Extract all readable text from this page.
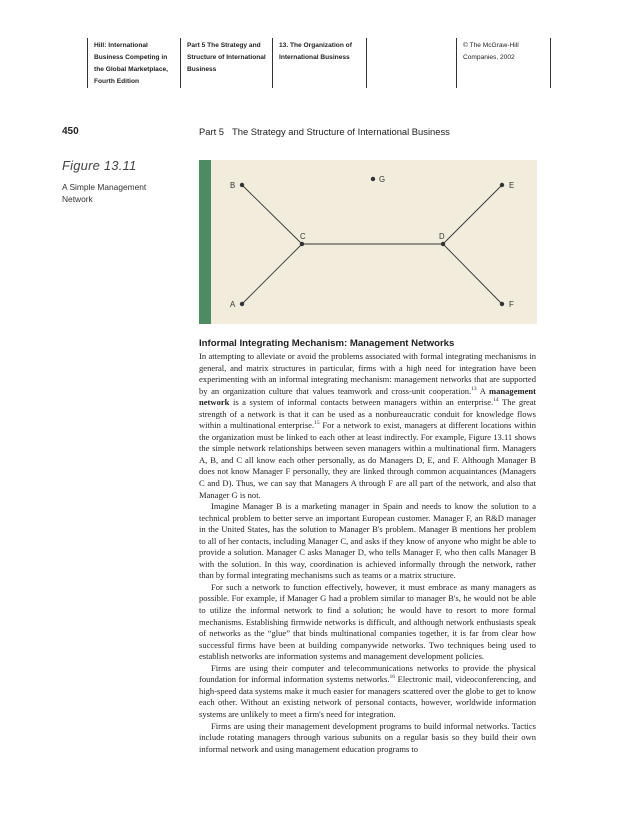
Hill: International Business Competing in the Global Marketplace, Fourth Edition
Part 5 The Strategy and Structure of International Business
13. The Organization of International Business
© The McGraw-Hill Companies, 2002
450	Part 5 The Strategy and Structure of International Business
Figure 13.11
A Simple Management Network
B
A
C	D
E
F
G
Informal Integrating Mechanism: Management Networks

In attempting to alleviate or avoid the problems associated with formal integrating mechanisms in general, and matrix structures in particular, firms with a high need for integration have been experimenting with an informal integrating mechanism: management networks that are supported by an organization culture that values teamwork and cross-unit cooperation.$^{13}$ A management network is a system of informal contacts between managers within an enterprise.$^{14}$ The great strength of a network is that it can be used as a nonbureaucratic conduit for knowledge flows within a multinational enterprise.$^{15}$ For a network to exist, managers at different locations within the organization must be linked to each other at least indirectly. For example, Figure 13.11 shows the simple network relationships between seven managers within a multinational firm. Managers A, B, and C all know each other personally, as do Managers D, E, and F. Although Manager B does not know Manager F personally, they are linked through common acquaintances (Managers C and D). Thus, we can say that Managers A through F are all part of the network, and also that Manager G is not.

Imagine Manager B is a marketing manager in Spain and needs to know the solution to a technical problem to better serve an important European customer. Manager F, an R&D manager in the United States, has the solution to Manager B's problem. Manager B mentions her problem to all of her contacts, including Manager C, and asks if they know of anyone who might be able to provide a solution. Manager C asks Manager D, who tells Manager F, who then calls Manager B with the solution. In this way, coordination is achieved informally through the network, rather than by formal integrating mechanisms such as teams or a matrix structure.

For such a network to function effectively, however, it must embrace as many managers as possible. For example, if Manager G had a problem similar to manager B's, he would not be able to utilize the informal network to find a solution; he would have to resort to more formal mechanisms. Establishing firmwide networks is difficult, and although network enthusiasts speak of networks as the “glue” that binds multinational companies together, it is far from clear how successful firms have been at building companywide networks. Two techniques being used to establish networks are information systems and management development policies.

Firms are using their computer and telecommunications networks to provide the physical foundation for informal information systems networks.$^{16}$ Electronic mail, videoconferencing, and high-speed data systems make it much easier for managers scattered over the globe to get to know each other. Without an existing network of personal contacts, however, worldwide information systems are unlikely to meet a firm's need for integration.

Firms are using their management development programs to build informal networks. Tactics include rotating managers through various subunits on a regular basis so they build their own informal network and using management education programs to
